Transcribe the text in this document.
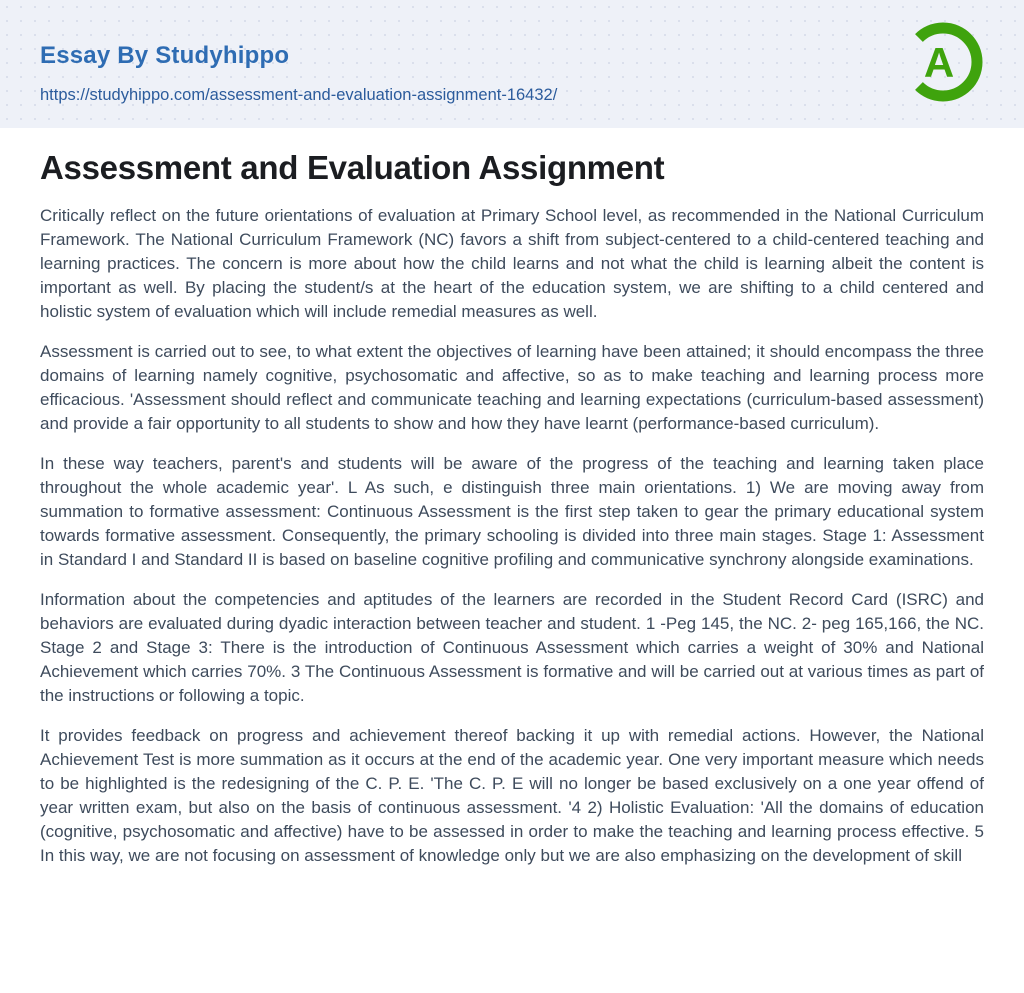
Essay By Studyhippo
https://studyhippo.com/assessment-and-evaluation-assignment-16432/
A
Assessment and Evaluation Assignment

Critically reflect on the future orientations of evaluation at Primary School level, as recommended in the National Curriculum Framework. The National Curriculum Framework (NC) favors a shift from subject-centered to a child-centered teaching and learning practices. The concern is more about how the child learns and not what the child is learning albeit the content is important as well. By placing the student/s at the heart of the education system, we are shifting to a child centered and holistic system of evaluation which will include remedial measures as well.

Assessment is carried out to see, to what extent the objectives of learning have been attained; it should encompass the three domains of learning namely cognitive, psychosomatic and affective, so as to make teaching and learning process more efficacious. 'Assessment should reflect and communicate teaching and learning expectations (curriculum-based assessment) and provide a fair opportunity to all students to show and how they have learnt (performance-based curriculum).

In these way teachers, parent's and students will be aware of the progress of the teaching and learning taken place throughout the whole academic year'. L As such, e distinguish three main orientations. 1) We are moving away from summation to formative assessment: Continuous Assessment is the first step taken to gear the primary educational system towards formative assessment. Consequently, the primary schooling is divided into three main stages. Stage 1: Assessment in Standard I and Standard II is based on baseline cognitive profiling and communicative synchrony alongside examinations.

Information about the competencies and aptitudes of the learners are recorded in the Student Record Card (ISRC) and behaviors are evaluated during dyadic interaction between teacher and student. 1 -Peg 145, the NC. 2- peg 165,166, the NC. Stage 2 and Stage 3: There is the introduction of Continuous Assessment which carries a weight of 30% and National Achievement which carries 70%. 3 The Continuous Assessment is formative and will be carried out at various times as part of the instructions or following a topic.

It provides feedback on progress and achievement thereof backing it up with remedial actions. However, the National Achievement Test is more summation as it occurs at the end of the academic year. One very important measure which needs to be highlighted is the redesigning of the C. P. E. 'The C. P. E will no longer be based exclusively on a one year offend of year written exam, but also on the basis of continuous assessment. '4 2) Holistic Evaluation: 'All the domains of education (cognitive, psychosomatic and affective) have to be assessed in order to make the teaching and learning process effective. 5 In this way, we are not focusing on assessment of knowledge only but we are also emphasizing on the development of skill
